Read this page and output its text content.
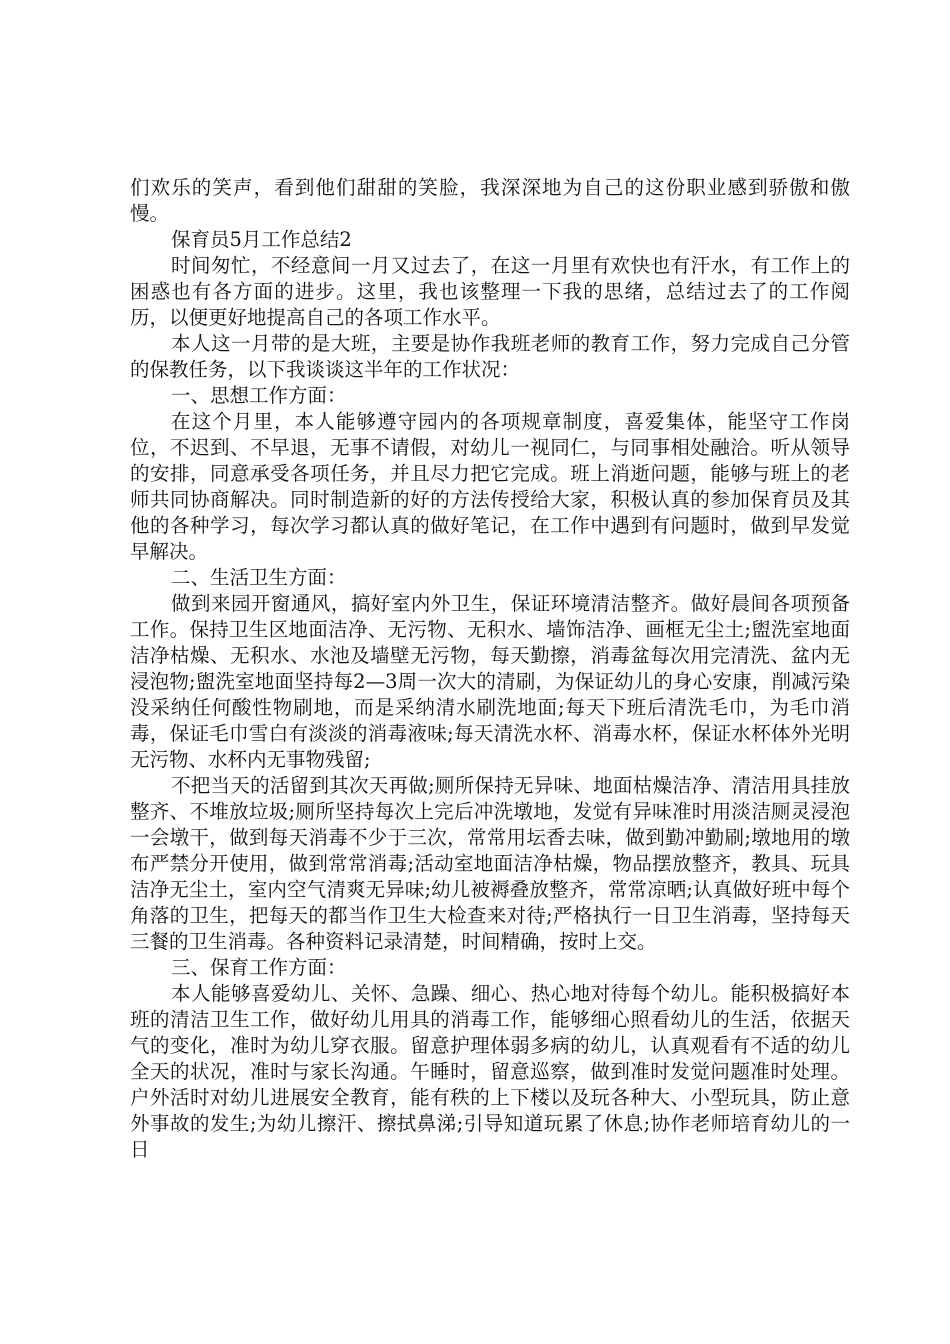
们欢乐的笑声，看到他们甜甜的笑脸，我深深地为自己的这份职业感到骄傲和傲慢。

保育员5月工作总结2

时间匆忙，不经意间一月又过去了，在这一月里有欢快也有汗水，有工作上的困惑也有各方面的进步。这里，我也该整理一下我的思绪，总结过去了的工作阅历，以便更好地提高自己的各项工作水平。

本人这一月带的是大班，主要是协作我班老师的教育工作，努力完成自己分管的保教任务，以下我谈谈这半年的工作状况：

一、思想工作方面：

在这个月里，本人能够遵守园内的各项规章制度，喜爱集体，能坚守工作岗位，不迟到、不早退，无事不请假，对幼儿一视同仁，与同事相处融洽。听从领导的安排，同意承受各项任务，并且尽力把它完成。班上消逝问题，能够与班上的老师共同协商解决。同时制造新的好的方法传授给大家，积极认真的参加保育员及其他的各种学习，每次学习都认真的做好笔记，在工作中遇到有问题时，做到早发觉早解决。

二、生活卫生方面：

做到来园开窗通风，搞好室内外卫生，保证环境清洁整齐。做好晨间各项预备工作。保持卫生区地面洁净、无污物、无积水、墙饰洁净、画框无尘土;盥洗室地面洁净枯燥、无积水、水池及墙壁无污物，每天勤擦，消毒盆每次用完清洗、盆内无浸泡物;盥洗室地面坚持每2—3周一次大的清刷，为保证幼儿的身心安康，削减污染没采纳任何酸性物刷地，而是采纳清水刷洗地面;每天下班后清洗毛巾，为毛巾消毒，保证毛巾雪白有淡淡的消毒液味;每天清洗水杯、消毒水杯，保证水杯体外光明无污物、水杯内无事物残留;

不把当天的活留到其次天再做;厕所保持无异味、地面枯燥洁净、清洁用具挂放整齐、不堆放垃圾;厕所坚持每次上完后冲洗墩地，发觉有异味准时用淡洁厕灵浸泡一会墩干，做到每天消毒不少于三次，常常用坛香去味，做到勤冲勤刷;墩地用的墩布严禁分开使用，做到常常消毒;活动室地面洁净枯燥，物品摆放整齐，教具、玩具洁净无尘土，室内空气清爽无异味;幼儿被褥叠放整齐，常常凉晒;认真做好班中每个角落的卫生，把每天的都当作卫生大检查来对待;严格执行一日卫生消毒，坚持每天三餐的卫生消毒。各种资料记录清楚，时间精确，按时上交。

三、保育工作方面：

本人能够喜爱幼儿、关怀、急躁、细心、热心地对待每个幼儿。能积极搞好本班的清洁卫生工作，做好幼儿用具的消毒工作，能够细心照看幼儿的生活，依据天气的变化，准时为幼儿穿衣服。留意护理体弱多病的幼儿，认真观看有不适的幼儿全天的状况，准时与家长沟通。午睡时，留意巡察，做到准时发觉问题准时处理。户外活时对幼儿进展安全教育，能有秩的上下楼以及玩各种大、小型玩具，防止意外事故的发生;为幼儿擦汗、擦拭鼻涕;引导知道玩累了休息;协作老师培育幼儿的一日
